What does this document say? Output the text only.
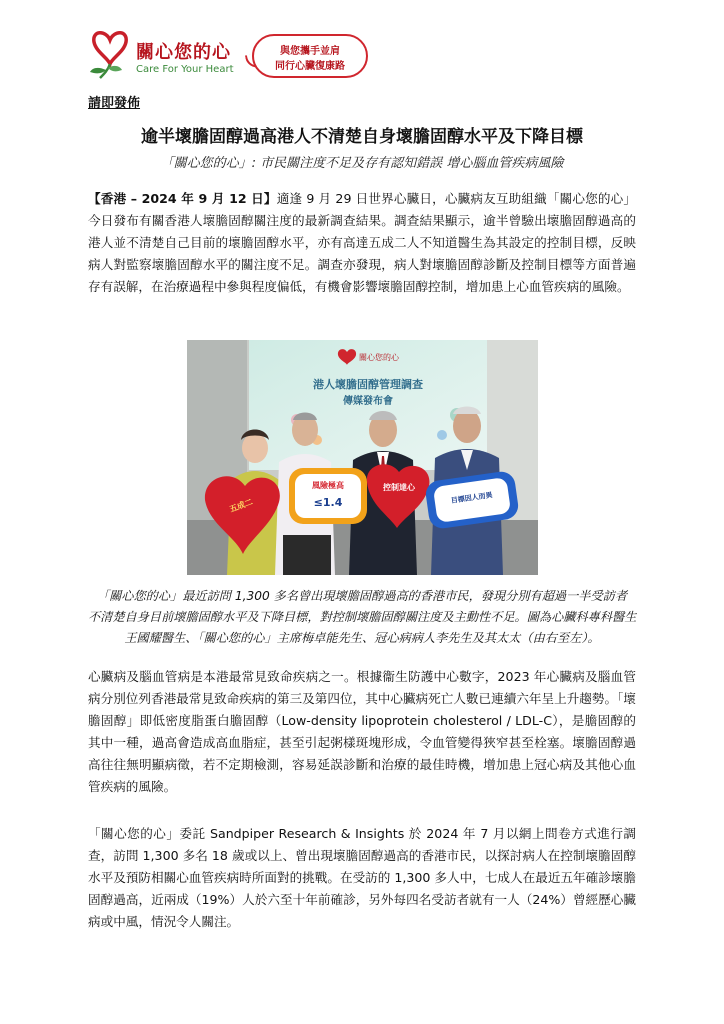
關心您的心
Care For Your Heart
與您攜手並肩
同行心臟復康路
請即發佈
逾半壞膽固醇過高港人不清楚自身壞膽固醇水平及下降目標
「關心您的心」: 市民關注度不足及存有認知錯誤 增心腦血管疾病風險
【香港 – 2024 年 9 月 12 日】適逢 9 月 29 日世界心臟日，心臟病友互助組織「關心您的心」今日發布有關香港人壞膽固醇關注度的最新調查結果。調查結果顯示，逾半曾驗出壞膽固醇過高的港人並不清楚自己目前的壞膽固醇水平，亦有高達五成二人不知道醫生為其設定的控制目標，反映病人對監察壞膽固醇水平的關注度不足。調查亦發現，病人對壞膽固醇診斷及控制目標等方面普遍存有誤解，在治療過程中參與程度偏低，有機會影響壞膽固醇控制，增加患上心血管疾病的風險。
關心您的心
港人壞膽固醇管理調查
傳媒發布會
五成二
風險極高
≤1.4
控制達心
目標因人而異
「關心您的心」最近訪問 1,300 多名曾出現壞膽固醇過高的香港市民，發現分別有超過一半受訪者
不清楚自身目前壞膽固醇水平及下降目標，對控制壞膽固醇關注度及主動性不足。圖為心臟科專科醫生
王國耀醫生、「關心您的心」主席梅卓能先生、冠心病病人李先生及其太太（由右至左）。
心臟病及腦血管病是本港最常見致命疾病之一。根據衞生防護中心數字，2023 年心臟病及腦血管病分別位列香港最常見致命疾病的第三及第四位，其中心臟病死亡人數已連續六年呈上升趨勢。「壞膽固醇」即低密度脂蛋白膽固醇（Low-density lipoprotein cholesterol / LDL-C），是膽固醇的其中一種，過高會造成高血脂症，甚至引起粥樣斑塊形成，令血管變得狹窄甚至栓塞。壞膽固醇過高往往無明顯病徵，若不定期檢測，容易延誤診斷和治療的最佳時機，增加患上冠心病及其他心血管疾病的風險。
「關心您的心」委託 Sandpiper Research & Insights 於 2024 年 7 月以網上問卷方式進行調查，訪問 1,300 多名 18 歲或以上、曾出現壞膽固醇過高的香港市民，以探討病人在控制壞膽固醇水平及預防相關心血管疾病時所面對的挑戰。在受訪的 1,300 多人中，七成人在最近五年確診壞膽固醇過高，近兩成（19%）人於六至十年前確診，另外每四名受訪者就有一人（24%）曾經歷心臟病或中風，情況令人關注。
